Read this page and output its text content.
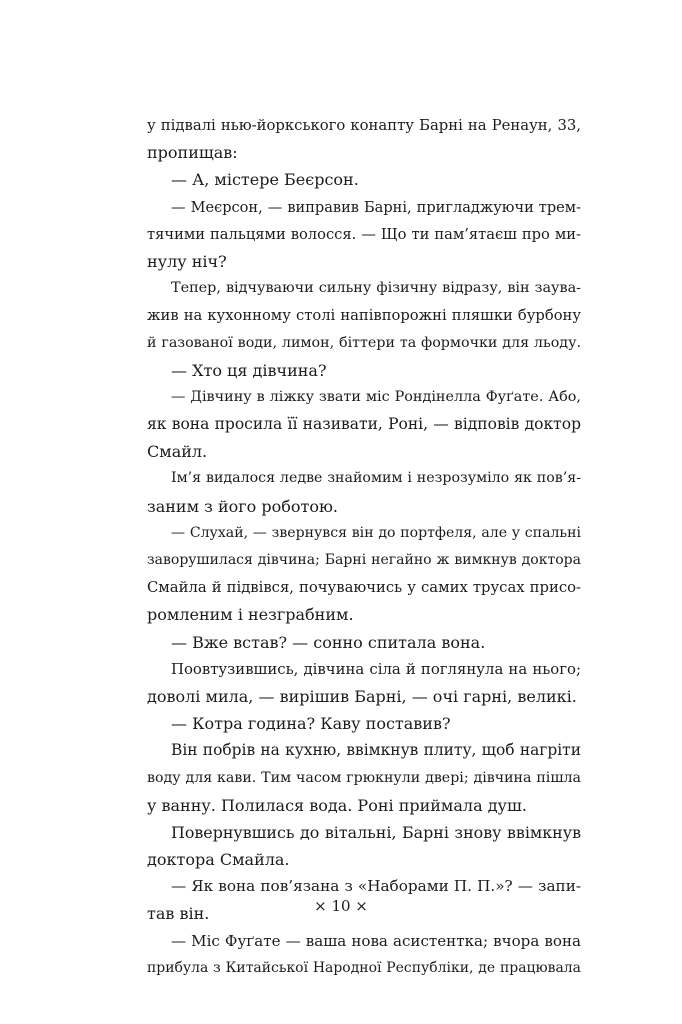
у підвалі нью-йоркського конапту Барні на Ренаун, 33,
пропищав:
— А, містере Беєрсон.
— Меєрсон, — виправив Барні, пригладжуючи трем-
тячими пальцями волосся. — Що ти пам’ятаєш про ми-
нулу ніч?
Тепер, відчуваючи сильну фізичну відразу, він заува-
жив на кухонному столі напівпорожні пляшки бурбону
й газованої води, лимон, біттери та формочки для льоду.
— Хто ця дівчина?
— Дівчину в ліжку звати міс Рондінелла Фуґате. Або,
як вона просила її називати, Роні, — відповів доктор
Смайл.
Ім’я видалося ледве знайомим і незрозуміло як пов’я-
заним з його роботою.
— Слухай, — звернувся він до портфеля, але у спальні
заворушилася дівчина; Барні негайно ж вимкнув доктора
Смайла й підвівся, почуваючись у самих трусах присо-
ромленим і незграбним.
— Вже встав? — сонно спитала вона.
Поовтузившись, дівчина сіла й поглянула на нього;
доволі мила, — вирішив Барні, — очі гарні, великі.
— Котра година? Каву поставив?
Він побрів на кухню, ввімкнув плиту, щоб нагріти
воду для кави. Тим часом грюкнули двері; дівчина пішла
у ванну. Полилася вода. Роні приймала душ.
Повернувшись до вітальні, Барні знову ввімкнув
доктора Смайла.
— Як вона пов’язана з «Наборами П. П.»? — запи-
тав він.
— Міс Фуґате — ваша нова асистентка; вчора вона
прибула з Китайської Народної Республіки, де працювала
× 10 ×
